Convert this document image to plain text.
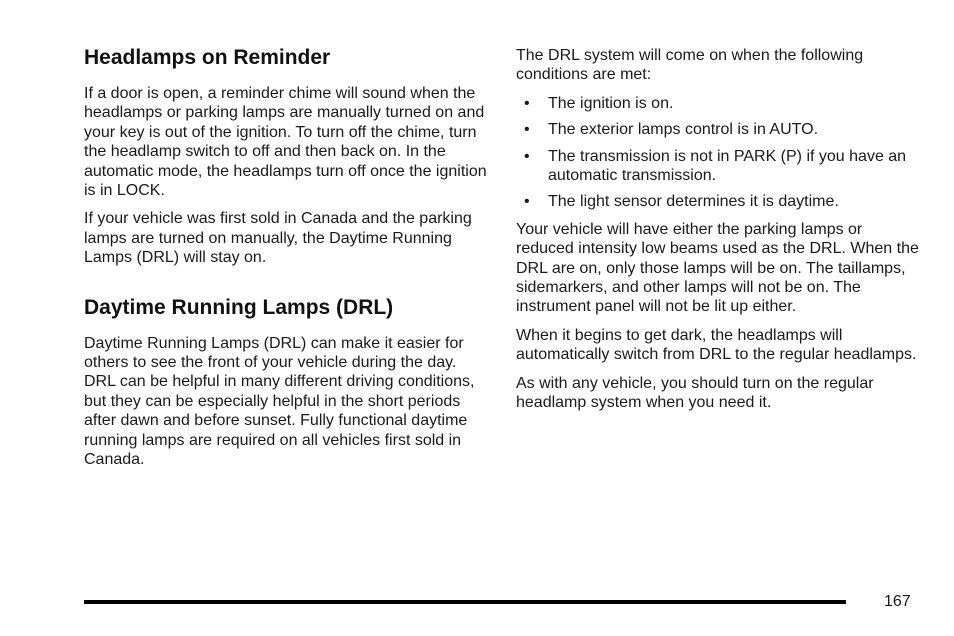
Headlamps on Reminder

If a door is open, a reminder chime will sound when the headlamps or parking lamps are manually turned on and your key is out of the ignition. To turn off the chime, turn the headlamp switch to off and then back on. In the automatic mode, the headlamps turn off once the ignition is in LOCK.

If your vehicle was first sold in Canada and the parking lamps are turned on manually, the Daytime Running Lamps (DRL) will stay on.

Daytime Running Lamps (DRL)

Daytime Running Lamps (DRL) can make it easier for others to see the front of your vehicle during the day. DRL can be helpful in many different driving conditions, but they can be especially helpful in the short periods after dawn and before sunset. Fully functional daytime running lamps are required on all vehicles first sold in Canada.

The DRL system will come on when the following conditions are met:

• The ignition is on.
• The exterior lamps control is in AUTO.
• The transmission is not in PARK (P) if you have an automatic transmission.
• The light sensor determines it is daytime.

Your vehicle will have either the parking lamps or reduced intensity low beams used as the DRL. When the DRL are on, only those lamps will be on. The taillamps, sidemarkers, and other lamps will not be on. The instrument panel will not be lit up either.

When it begins to get dark, the headlamps will automatically switch from DRL to the regular headlamps.

As with any vehicle, you should turn on the regular headlamp system when you need it.

167
